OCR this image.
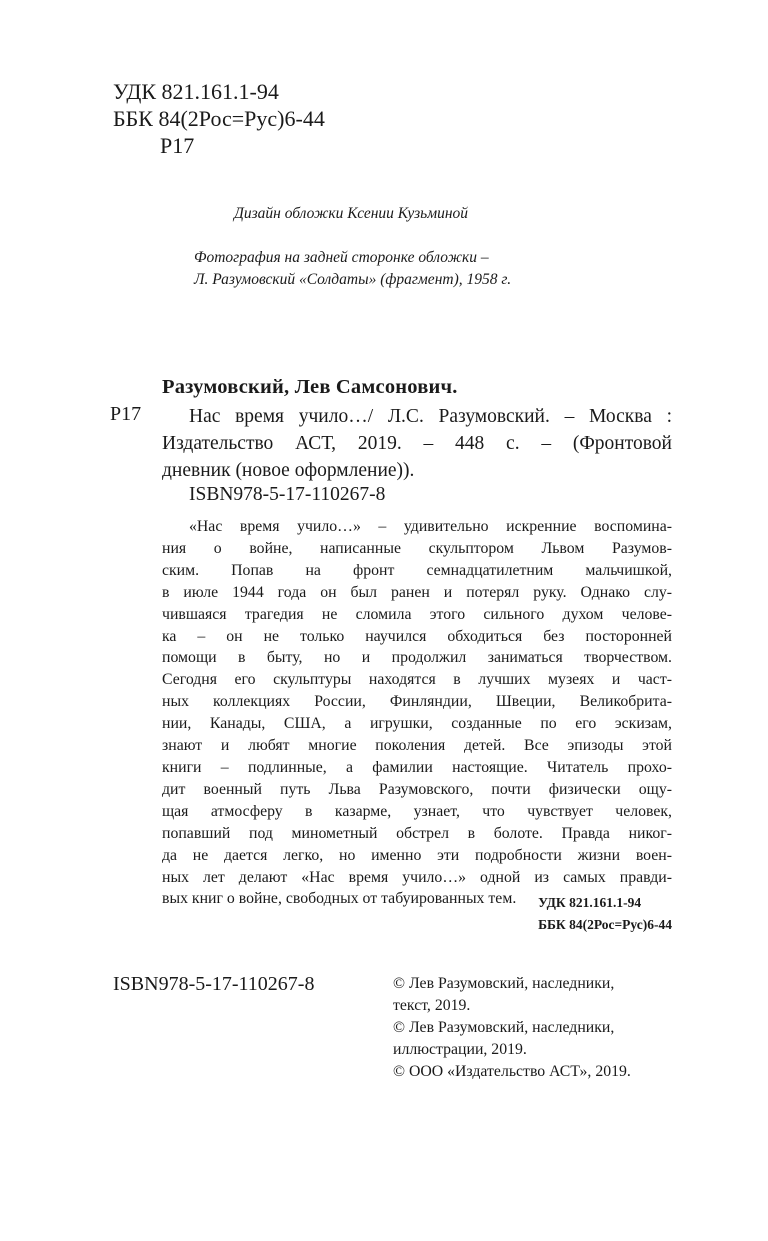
УДК 821.161.1-94
ББК 84(2Рос=Рус)6-44
Р17

Дизайн обложки Ксении Кузьминой

Фотография на задней сторонке обложки –
Л. Разумовский «Солдаты» (фрагмент), 1958 г.

Разумовский, Лев Самсонович.

Р17	Нас время учило…/ Л.С. Разумовский. – Москва :
Издательство АСТ, 2019. – 448 с. – (Фронтовой
дневник (новое оформление)).

ISBN978-5-17-110267-8

«Нас время учило…» – удивительно искренние воспомина-
ния о войне, написанные скульптором Львом Разумов-
ским. Попав на фронт семнадцатилетним мальчишкой,
в июле 1944 года он был ранен и потерял руку. Однако слу-
чившаяся трагедия не сломила этого сильного духом челове-
ка – он не только научился обходиться без посторонней
помощи в быту, но и продолжил заниматься творчеством.
Сегодня его скульптуры находятся в лучших музеях и част-
ных коллекциях России, Финляндии, Швеции, Великобрита-
нии, Канады, США, а игрушки, созданные по его эскизам,
знают и любят многие поколения детей. Все эпизоды этой
книги – подлинные, а фамилии настоящие. Читатель прохо-
дит военный путь Льва Разумовского, почти физически ощу-
щая атмосферу в казарме, узнает, что чувствует человек,
попавший под минометный обстрел в болоте. Правда никог-
да не дается легко, но именно эти подробности жизни воен-
ных лет делают «Нас время учило…» одной из самых правди-
вых книг о войне, свободных от табуированных тем.	УДК 821.161.1-94
ББК 84(2Рос=Рус)6-44

ISBN978-5-17-110267-8	© Лев Разумовский, наследники,
текст, 2019.
© Лев Разумовский, наследники,
иллюстрации, 2019.
© ООО «Издательство АСТ», 2019.
